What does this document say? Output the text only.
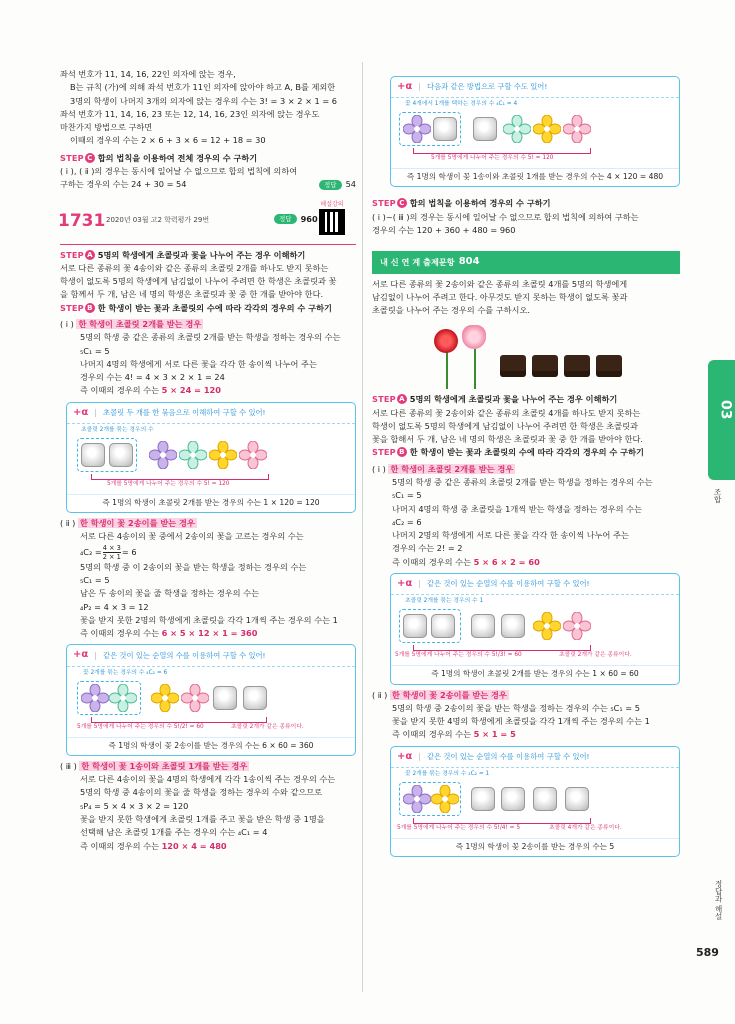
좌석 번호가 11, 14, 16, 22인 의자에 앉는 경우,

B는 규칙 (가)에 의해 좌석 번호가 11인 의자에 앉아야 하고 A, B를 제외한

3명의 학생이 나머지 3개의 의자에 앉는 경우의 수는 3! = 3 × 2 × 1 = 6

좌석 번호가 11, 14, 16, 23 또는 12, 14, 16, 23인 의자에 앉는 경우도

마찬가지 방법으로 구하면

이때의 경우의 수는 2 × 6 + 3 × 6 = 12 + 18 = 30

STEP C 합의 법칙을 이용하여 전체 경우의 수 구하기

( ⅰ ), ( ⅱ )의 경우는 동시에 일어날 수 없으므로 합의 법칙에 의하여

구하는 경우의 수는 24 + 30 = 54	정답	54
1731 2020년 03월 고2 학력평가 29번	정답	960
해설강의
STEP A 5명의 학생에게 초콜릿과 꽃을 나누어 주는 경우 이해하기

서로 다른 종류의 꽃 4송이와 같은 종류의 초콜릿 2개를 하나도 받지 못하는

학생이 없도록 5명의 학생에게 남김없이 나누어 주려면 한 학생은 초콜릿과 꽃

을 함께서 두 개, 남은 네 명의 학생은 초콜릿과 꽃 중 한 개를 받아야 한다.

STEP B 한 학생이 받는 꽃과 초콜릿의 수에 따라 각각의 경우의 수 구하기
( ⅰ ) 한 학생이 초콜릿 2개를 받는 경우

5명의 학생 중 같은 종류의 초콜릿 2개를 받는 학생을 정하는 경우의 수는

₅C₁ = 5

나머지 4명의 학생에게 서로 다른 꽃을 각각 한 송이씩 나누어 주는

경우의 수는 4! = 4 × 3 × 2 × 1 = 24

즉 이때의 경우의 수는 5 × 24 = 120

+α | 초콜릿 두 개를 한 묶음으로 이해하여 구할 수 있어!
초콜릿 2개를 묶는 경우의 수
5개를 5명에게 나누어 주는 경우의 수 5! = 120
즉 1명의 학생이 초콜릿 2개를 받는 경우의 수는 1 × 120 = 120
( ⅱ ) 한 학생이 꽃 2송이를 받는 경우

서로 다른 4송이의 꽃 중에서 2송이의 꽃을 고르는 경우의 수는

$_4C_2 = \frac{4 \times 3}{2 \times 1} = 6$

5명의 학생 중 이 2송이의 꽃을 받는 학생을 정하는 경우의 수는

₅C₁ = 5

남은 두 송이의 꽃을 줄 학생을 정하는 경우의 수는

₄P₂ = 4 × 3 = 12

꽃을 받지 못한 2명의 학생에게 초콜릿을 각각 1개씩 주는 경우의 수는 1

즉 이때의 경우의 수는 6 × 5 × 12 × 1 = 360

+α | 같은 것이 있는 순열의 수를 이용하여 구할 수 있어!
꽃 2개를 묶는 경우의 수 ₄C₂ = 6
5개를 5명에게 나누어 주는 경우의 수 5!/2! = 60	초콜릿 2개가 같은 종류이다.
즉 1명의 학생이 꽃 2송이를 받는 경우의 수는 6 × 60 = 360
( ⅲ ) 한 학생이 꽃 1송이와 초콜릿 1개를 받는 경우

서로 다른 4송이의 꽃을 4명의 학생에게 각각 1송이씩 주는 경우의 수는

5명의 학생 중 4송이의 꽃을 줄 학생을 정하는 경우의 수와 같으므로

₅P₄ = 5 × 4 × 3 × 2 = 120

꽃을 받지 못한 학생에게 초콜릿 1개를 주고 꽃을 받은 학생 중 1명을

선택해 남은 초콜릿 1개를 주는 경우의 수는 ₄C₁ = 4

즉 이때의 경우의 수는 120 × 4 = 480

+α | 다음과 같은 방법으로 구할 수도 있어!
꽃 4개에서 1개를 택하는 경우의 수 ₄C₁ = 4
5개를 5명에게 나누어 주는 경우의 수 5! = 120
즉 1명의 학생이 꽃 1송이와 초콜릿 1개를 받는 경우의 수는 4 × 120 = 480
STEP C 합의 법칙을 이용하여 경우의 수 구하기

( ⅰ )~( ⅲ )의 경우는 동시에 일어날 수 없으므로 합의 법칙에 의하여 구하는

경우의 수는 120 + 360 + 480 = 960

내 신 연 계 출제문항 804

서로 다른 종류의 꽃 2송이와 같은 종류의 초콜릿 4개를 5명의 학생에게

남김없이 나누어 주려고 한다. 아무것도 받지 못하는 학생이 없도록 꽃과

초콜릿을 나누어 주는 경우의 수를 구하시오.

STEP A 5명의 학생에게 초콜릿과 꽃을 나누어 주는 경우 이해하기

서로 다른 종류의 꽃 2송이와 같은 종류의 초콜릿 4개를 하나도 받지 못하는

학생이 없도록 5명의 학생에게 남김없이 나누어 주려면 한 학생은 초콜릿과

꽃을 합해서 두 개, 남은 네 명의 학생은 초콜릿과 꽃 중 한 개를 받아야 한다.

STEP B 한 학생이 받는 꽃과 초콜릿의 수에 따라 각각의 경우의 수 구하기
( ⅰ ) 한 학생이 초콜릿 2개를 받는 경우

5명의 학생 중 같은 종류의 초콜릿 2개를 받는 학생을 정하는 경우의 수는

₅C₁ = 5

나머지 4명의 학생 중 초콜릿을 1개씩 받는 학생을 정하는 경우의 수는

₄C₂ = 6

나머지 2명의 학생에게 서로 다른 꽃을 각각 한 송이씩 나누어 주는

경우의 수는 2! = 2

즉 이때의 경우의 수는 5 × 6 × 2 = 60

+α | 같은 것이 있는 순열의 수를 이용하여 구할 수 있어!
초콜릿 2개를 묶는 경우의 수 1
5개를 5명에게 나누어 주는 경우의 수 5!/3! = 60	초콜릿 2개가 같은 종류이다.
즉 1명의 학생이 초콜릿 2개를 받는 경우의 수는 1 × 60 = 60
( ⅱ ) 한 학생이 꽃 2송이를 받는 경우

5명의 학생 중 2송이의 꽃을 받는 학생을 정하는 경우의 수는 ₅C₁ = 5

꽃을 받지 못한 4명의 학생에게 초콜릿을 각각 1개씩 주는 경우의 수는 1

즉 이때의 경우의 수는 5 × 1 = 5

+α | 같은 것이 있는 순열의 수를 이용하여 구할 수 있어!
꽃 2개를 묶는 경우의 수 ₂C₂ = 1
5개를 5명에게 나누어 주는 경우의 수 5!/4! = 5	초콜릿 4개가 같은 종류이다.
즉 1명의 학생이 꽃 2송이를 받는 경우의 수는 5
03
조합
정답과 해설
589
